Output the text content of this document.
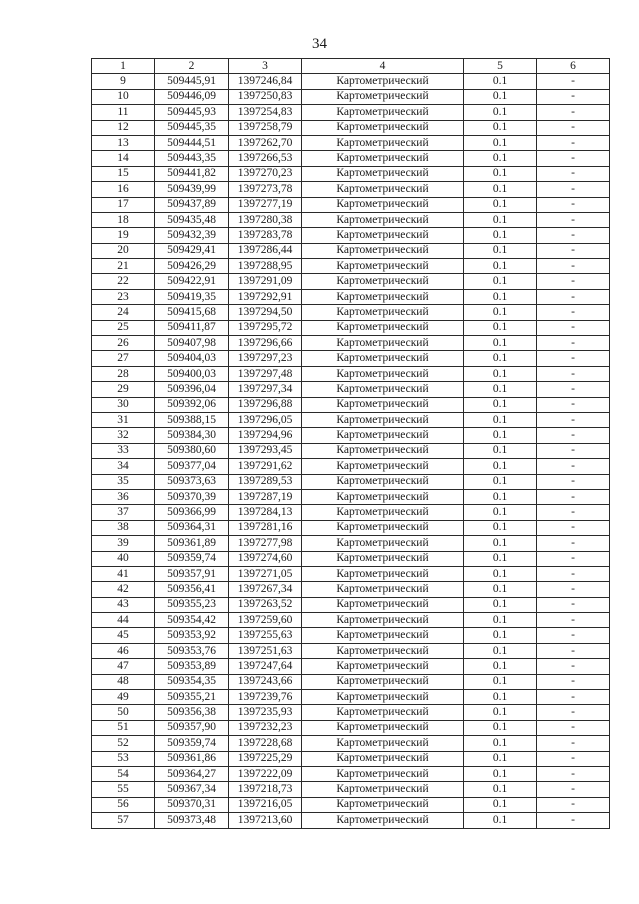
34
1	2	3	4	5	6
9	509445,91	1397246,84	Картометрический	0.1	-
10	509446,09	1397250,83	Картометрический	0.1	-
11	509445,93	1397254,83	Картометрический	0.1	-
12	509445,35	1397258,79	Картометрический	0.1	-
13	509444,51	1397262,70	Картометрический	0.1	-
14	509443,35	1397266,53	Картометрический	0.1	-
15	509441,82	1397270,23	Картометрический	0.1	-
16	509439,99	1397273,78	Картометрический	0.1	-
17	509437,89	1397277,19	Картометрический	0.1	-
18	509435,48	1397280,38	Картометрический	0.1	-
19	509432,39	1397283,78	Картометрический	0.1	-
20	509429,41	1397286,44	Картометрический	0.1	-
21	509426,29	1397288,95	Картометрический	0.1	-
22	509422,91	1397291,09	Картометрический	0.1	-
23	509419,35	1397292,91	Картометрический	0.1	-
24	509415,68	1397294,50	Картометрический	0.1	-
25	509411,87	1397295,72	Картометрический	0.1	-
26	509407,98	1397296,66	Картометрический	0.1	-
27	509404,03	1397297,23	Картометрический	0.1	-
28	509400,03	1397297,48	Картометрический	0.1	-
29	509396,04	1397297,34	Картометрический	0.1	-
30	509392,06	1397296,88	Картометрический	0.1	-
31	509388,15	1397296,05	Картометрический	0.1	-
32	509384,30	1397294,96	Картометрический	0.1	-
33	509380,60	1397293,45	Картометрический	0.1	-
34	509377,04	1397291,62	Картометрический	0.1	-
35	509373,63	1397289,53	Картометрический	0.1	-
36	509370,39	1397287,19	Картометрический	0.1	-
37	509366,99	1397284,13	Картометрический	0.1	-
38	509364,31	1397281,16	Картометрический	0.1	-
39	509361,89	1397277,98	Картометрический	0.1	-
40	509359,74	1397274,60	Картометрический	0.1	-
41	509357,91	1397271,05	Картометрический	0.1	-
42	509356,41	1397267,34	Картометрический	0.1	-
43	509355,23	1397263,52	Картометрический	0.1	-
44	509354,42	1397259,60	Картометрический	0.1	-
45	509353,92	1397255,63	Картометрический	0.1	-
46	509353,76	1397251,63	Картометрический	0.1	-
47	509353,89	1397247,64	Картометрический	0.1	-
48	509354,35	1397243,66	Картометрический	0.1	-
49	509355,21	1397239,76	Картометрический	0.1	-
50	509356,38	1397235,93	Картометрический	0.1	-
51	509357,90	1397232,23	Картометрический	0.1	-
52	509359,74	1397228,68	Картометрический	0.1	-
53	509361,86	1397225,29	Картометрический	0.1	-
54	509364,27	1397222,09	Картометрический	0.1	-
55	509367,34	1397218,73	Картометрический	0.1	-
56	509370,31	1397216,05	Картометрический	0.1	-
57	509373,48	1397213,60	Картометрический	0.1	-
